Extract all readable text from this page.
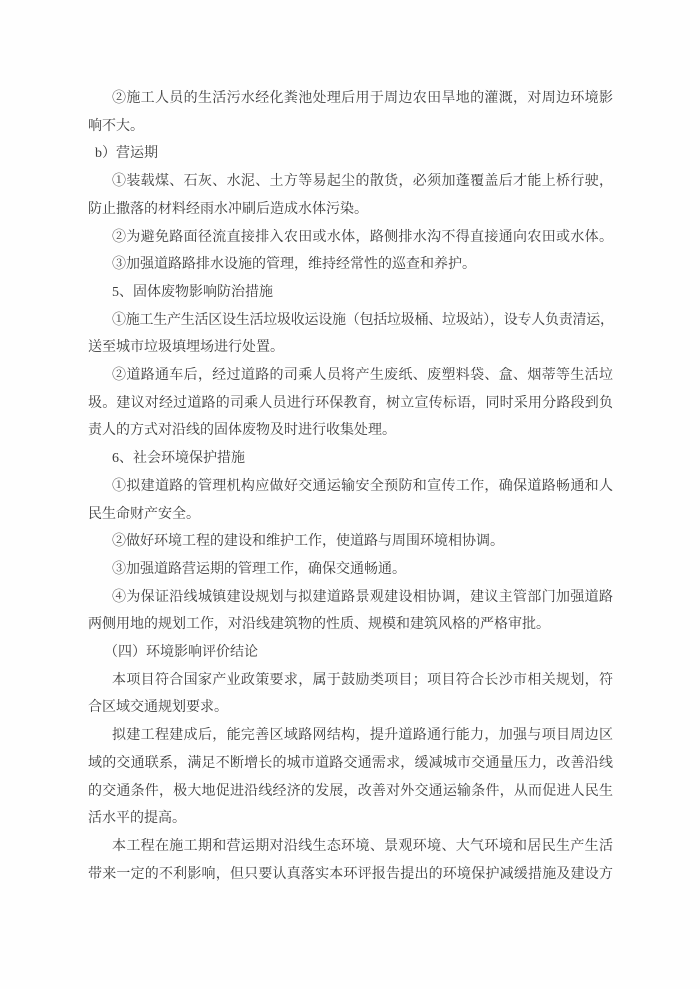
②施工人员的生活污水经化粪池处理后用于周边农田旱地的灌溉，对周边环境影
响不大。
b）营运期
①装载煤、石灰、水泥、土方等易起尘的散货，必须加蓬覆盖后才能上桥行驶，
防止撒落的材料经雨水冲刷后造成水体污染。
②为避免路面径流直接排入农田或水体，路侧排水沟不得直接通向农田或水体。
③加强道路路排水设施的管理，维持经常性的巡查和养护。
5、固体废物影响防治措施
①施工生产生活区设生活垃圾收运设施（包括垃圾桶、垃圾站），设专人负责清运，
送至城市垃圾填埋场进行处置。
②道路通车后，经过道路的司乘人员将产生废纸、废塑料袋、盒、烟蒂等生活垃
圾。建议对经过道路的司乘人员进行环保教育，树立宣传标语，同时采用分路段到负
责人的方式对沿线的固体废物及时进行收集处理。
6、社会环境保护措施
①拟建道路的管理机构应做好交通运输安全预防和宣传工作，确保道路畅通和人
民生命财产安全。
②做好环境工程的建设和维护工作，使道路与周围环境相协调。
③加强道路营运期的管理工作，确保交通畅通。
④为保证沿线城镇建设规划与拟建道路景观建设相协调，建议主管部门加强道路
两侧用地的规划工作，对沿线建筑物的性质、规模和建筑风格的严格审批。
（四）环境影响评价结论
本项目符合国家产业政策要求，属于鼓励类项目；项目符合长沙市相关规划，符
合区域交通规划要求。
拟建工程建成后，能完善区域路网结构，提升道路通行能力，加强与项目周边区
域的交通联系，满足不断增长的城市道路交通需求，缓减城市交通量压力，改善沿线
的交通条件，极大地促进沿线经济的发展，改善对外交通运输条件，从而促进人民生
活水平的提高。
本工程在施工期和营运期对沿线生态环境、景观环境、大气环境和居民生产生活
带来一定的不利影响，但只要认真落实本环评报告提出的环境保护减缓措施及建设方
